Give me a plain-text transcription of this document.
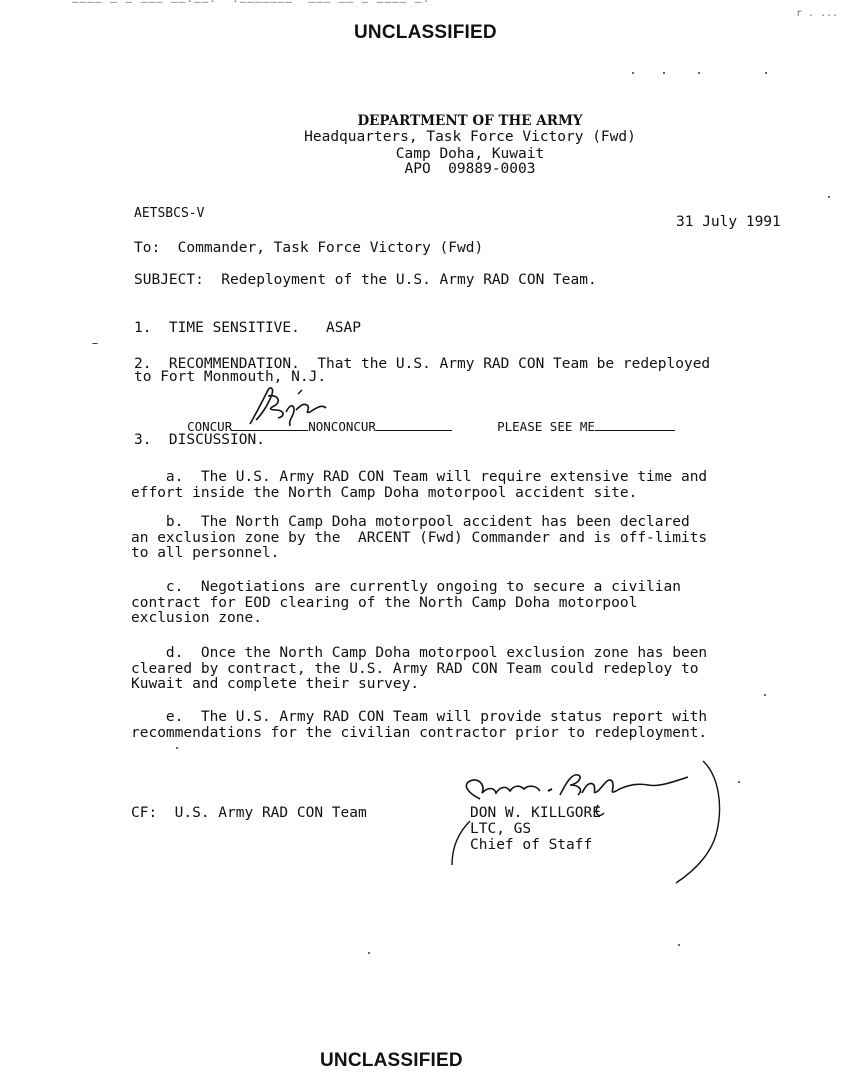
———— — — ——— ——·——·  ·———————  ——— —— — ———— —·
r . ...
UNCLASSIFIED
DEPARTMENT OF THE ARMY
Headquarters, Task Force Victory (Fwd)
Camp Doha, Kuwait
APO  09889-0003
AETSBCS-V
31 July 1991
To:  Commander, Task Force Victory (Fwd)
SUBJECT:  Redeployment of the U.S. Army RAD CON Team.
1.  TIME SENSITIVE.   ASAP
2.  RECOMMENDATION.  That the U.S. Army RAD CON Team be redeployed
to Fort Monmouth, N.J.

CONCUR	NONCONCUR	PLEASE SEE ME

3.  DISCUSSION.
a.  The U.S. Army RAD CON Team will require extensive time and
effort inside the North Camp Doha motorpool accident site.
b.  The North Camp Doha motorpool accident has been declared
an exclusion zone by the  ARCENT (Fwd) Commander and is off-limits
to all personnel.
c.  Negotiations are currently ongoing to secure a civilian
contract for EOD clearing of the North Camp Doha motorpool
exclusion zone.
d.  Once the North Camp Doha motorpool exclusion zone has been
cleared by contract, the U.S. Army RAD CON Team could redeploy to
Kuwait and complete their survey.
e.  The U.S. Army RAD CON Team will provide status report with
recommendations for the civilian contractor prior to redeployment.
CF:  U.S. Army RAD CON Team	DON W. KILLGORE
LTC, GS
Chief of Staff
UNCLASSIFIED
